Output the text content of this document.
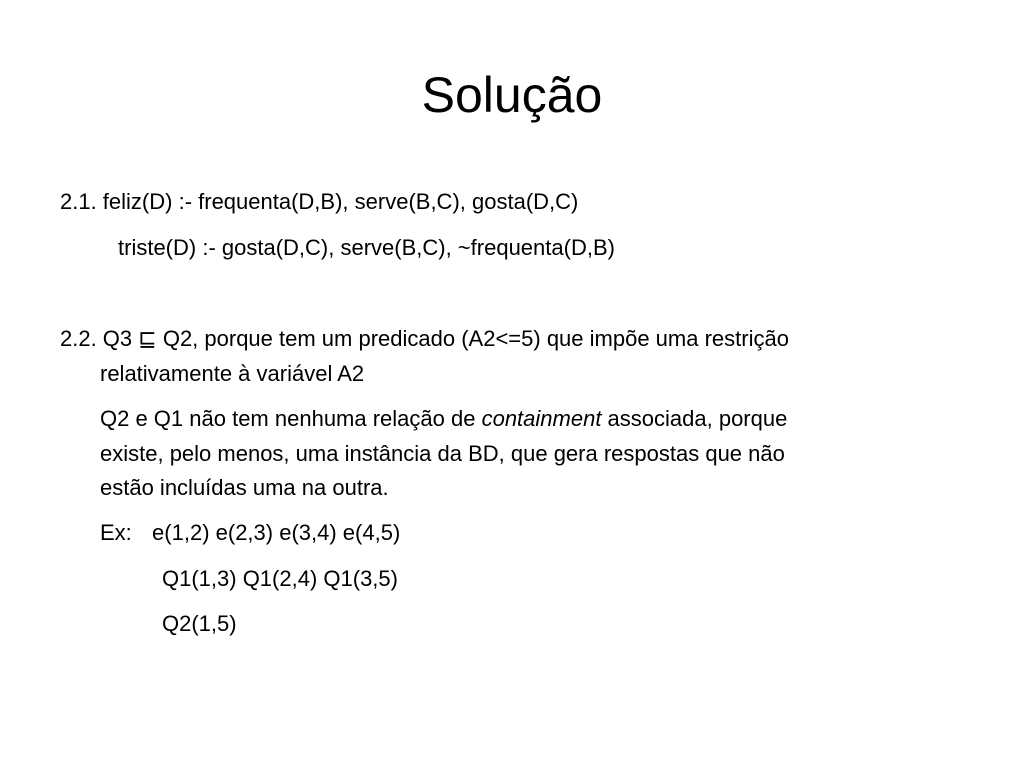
Solução
2.1. feliz(D) :- frequenta(D,B), serve(B,C), gosta(D,C)
triste(D) :- gosta(D,C), serve(B,C), ~frequenta(D,B)
2.2. Q3 ⊑ Q2, porque tem um predicado (A2<=5) que impõe uma restrição
relativamente à variável A2
Q2 e Q1 não tem nenhuma relação de containment associada, porque
existe, pelo menos, uma instância da BD, que gera respostas que não
estão incluídas uma na outra.
Ex: e(1,2) e(2,3) e(3,4) e(4,5)
Q1(1,3) Q1(2,4) Q1(3,5)
Q2(1,5)
